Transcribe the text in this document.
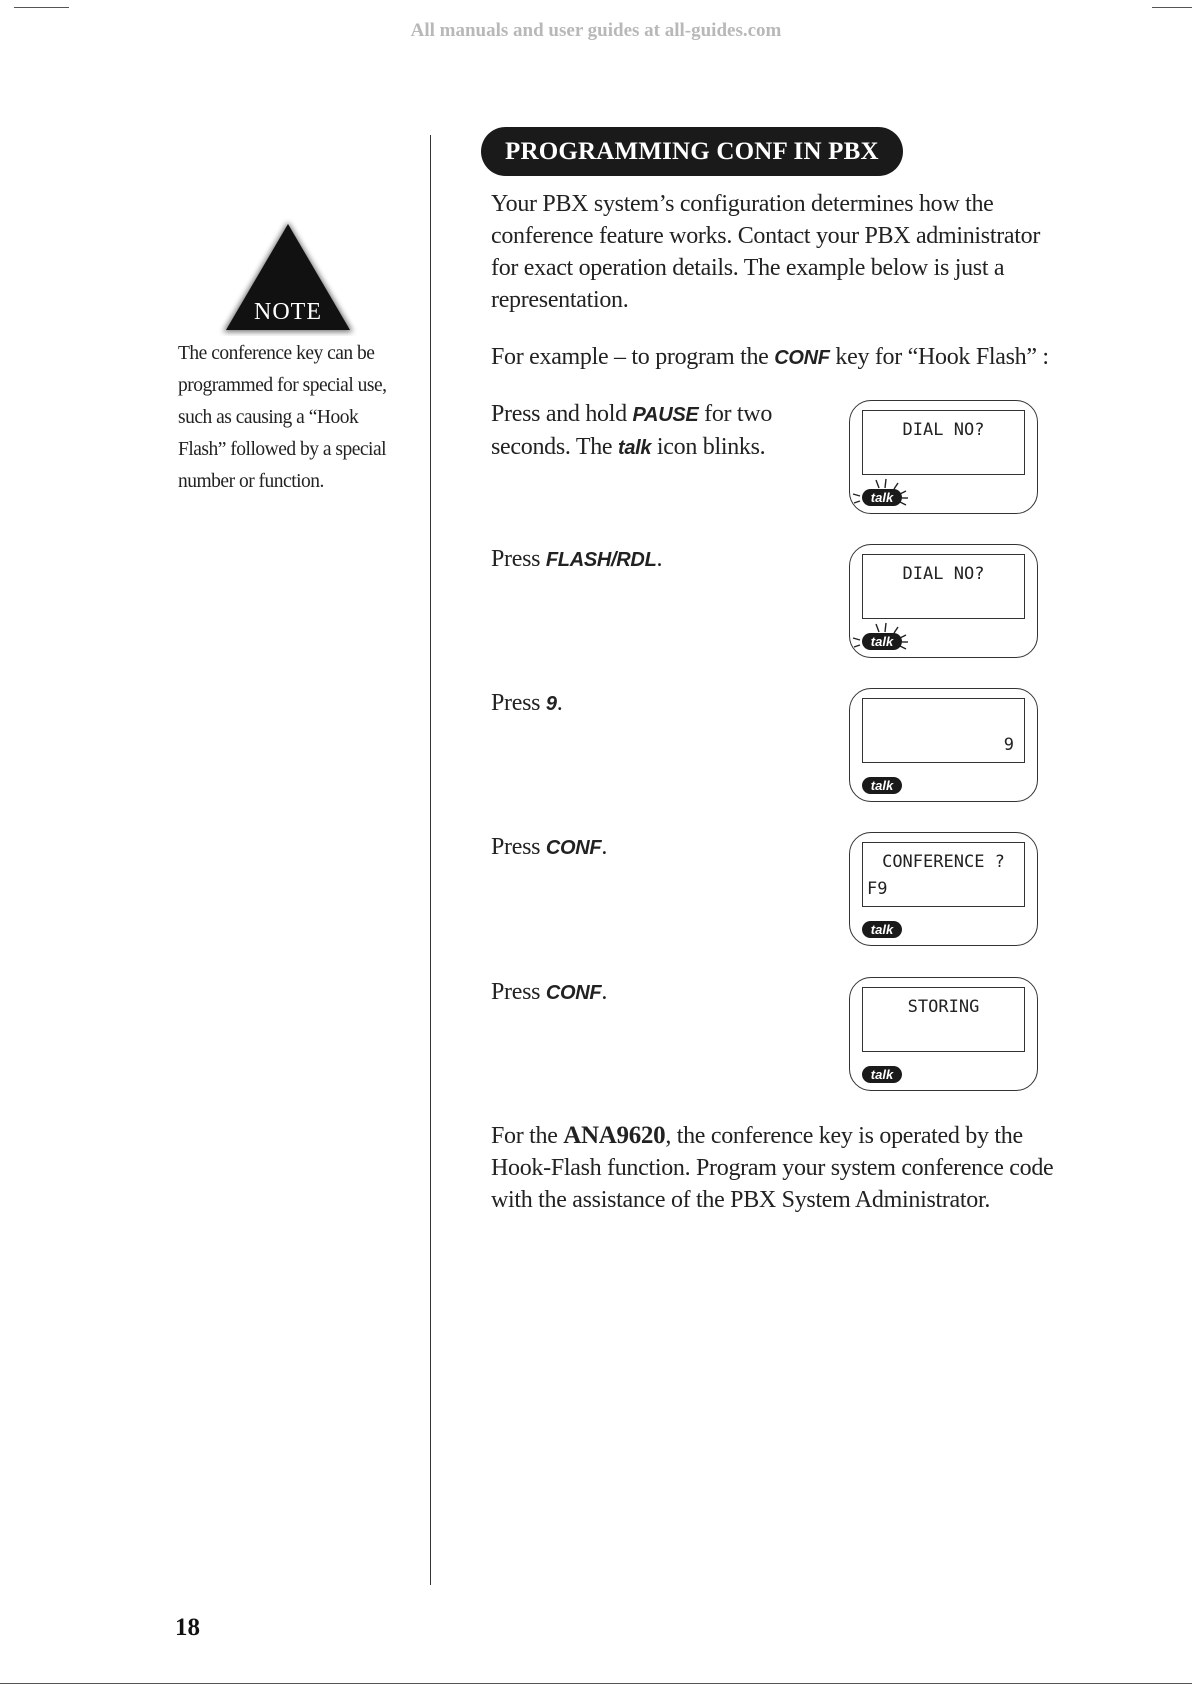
All manuals and user guides at all-guides.com
NOTE
The conference key can be programmed for special use, such as causing a “Hook Flash” followed by a special number or function.
PROGRAMMING CONF IN PBX
Your PBX system’s configuration determines how the conference feature works. Contact your PBX administrator for exact operation details. The example below is just a representation.
For example – to program the CONF key for “Hook Flash” :
Press and hold PAUSE for two seconds. The talk icon blinks.
DIAL NO?
talk
Press FLASH/RDL.
DIAL NO?
talk
Press 9.
9
talk
Press CONF.
CONFERENCE ?
F9
talk
Press CONF.
STORING
talk
For the ANA9620, the conference key is operated by the Hook-Flash function. Program your system conference code with the assistance of the PBX System Administrator.
18
